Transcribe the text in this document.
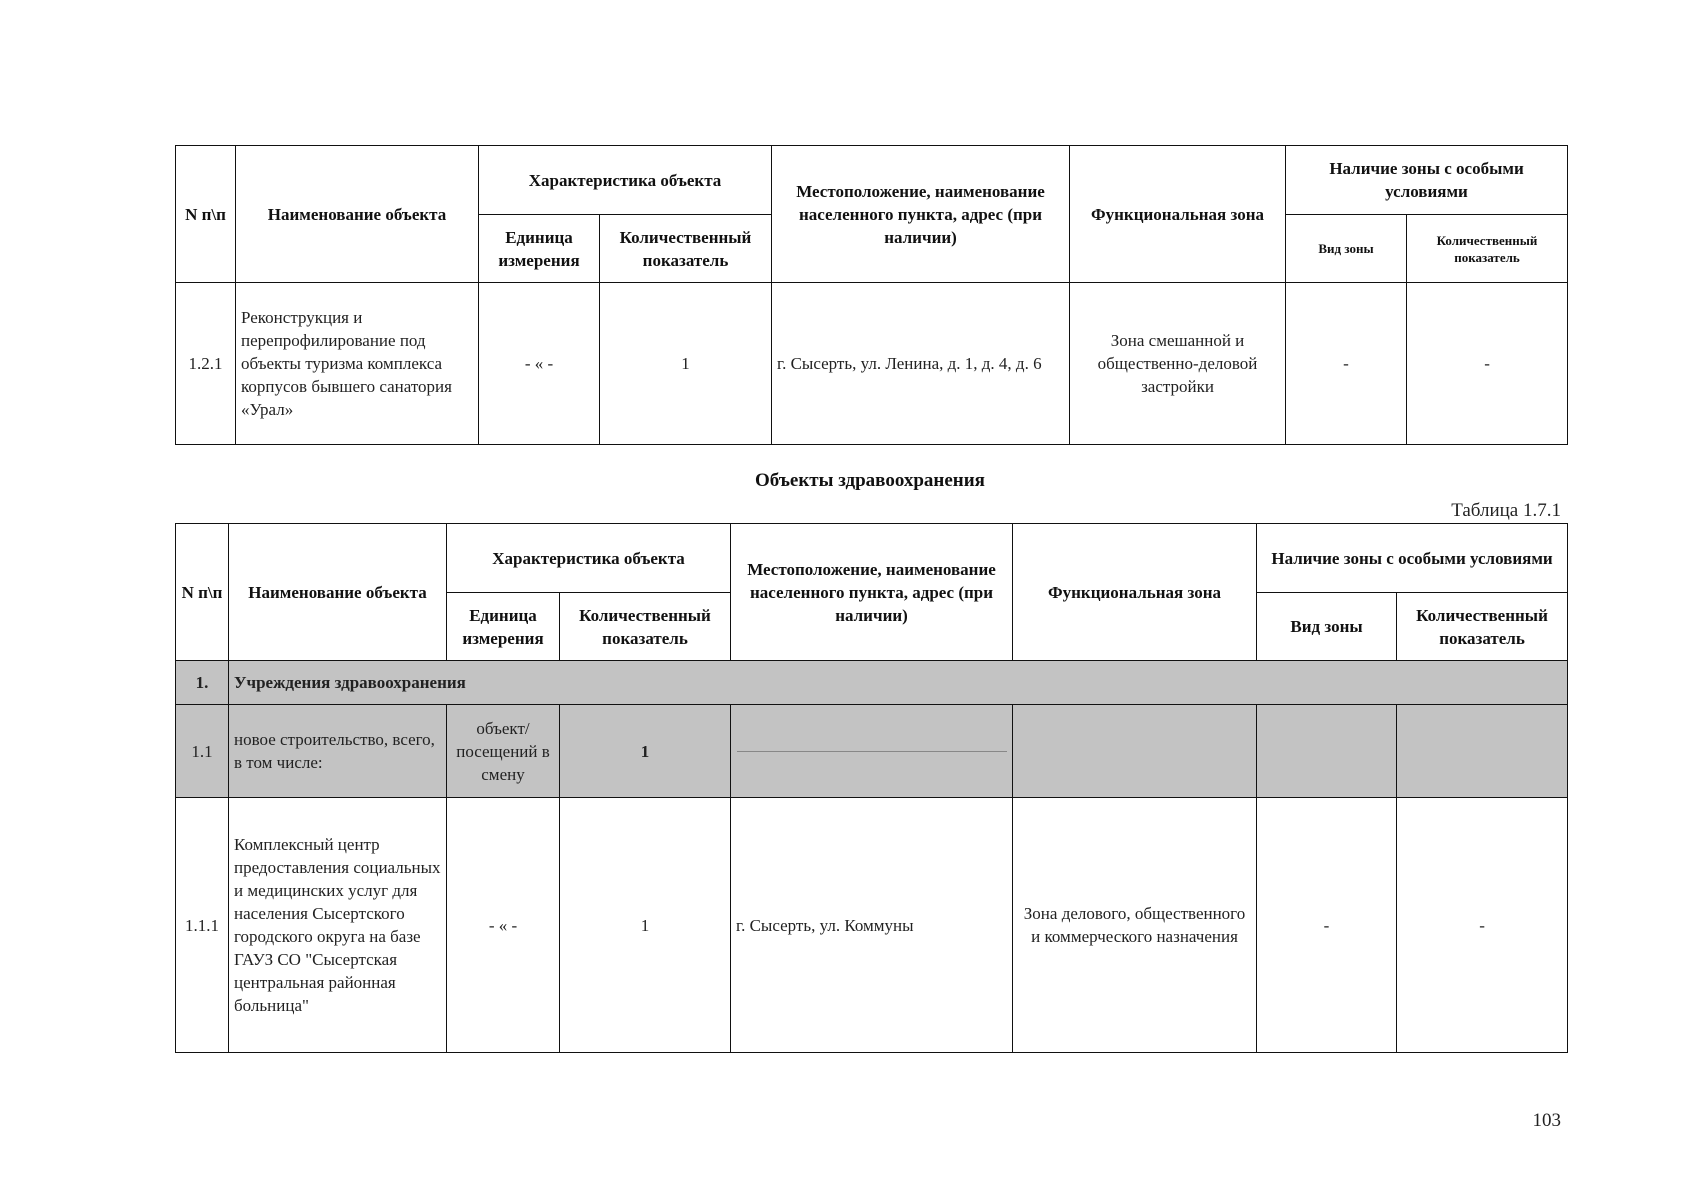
N п\п	Наименование объекта	Характеристика объекта		Местоположение, наименование населенного пункта, адрес (при наличии)	Функциональная зона	Наличие зоны с особыми условиями	
		Единица измерения	Количественный показатель			Вид зоны	Количественный показатель
1.2.1	Реконструкция и перепрофилирование под объекты туризма комплекса корпусов бывшего санатория «Урал»	- « -	1	г. Сысерть, ул. Ленина, д. 1, д. 4, д. 6	Зона смешанной и общественно-деловой застройки	-	-
Объекты здравоохранения
Таблица 1.7.1
N п\п	Наименование объекта	Характеристика объекта		Местоположение, наименование населенного пункта, адрес (при наличии)	Функциональная зона	Наличие зоны с особыми условиями	
		Единица измерения	Количественный показатель			Вид зоны	Количественный показатель
1.	Учреждения здравоохранения						
1.1	новое строительство, всего, в том числе:	объект/ посещений в смену	1	

1.1.1	Комплексный центр предоставления социальных и медицинских услуг для населения Сысертского городского округа на базе ГАУЗ СО "Сысертская центральная районная больница"	- « -	1	г. Сысерть, ул. Коммуны	Зона делового, общественного и коммерческого назначения	-	-
103
